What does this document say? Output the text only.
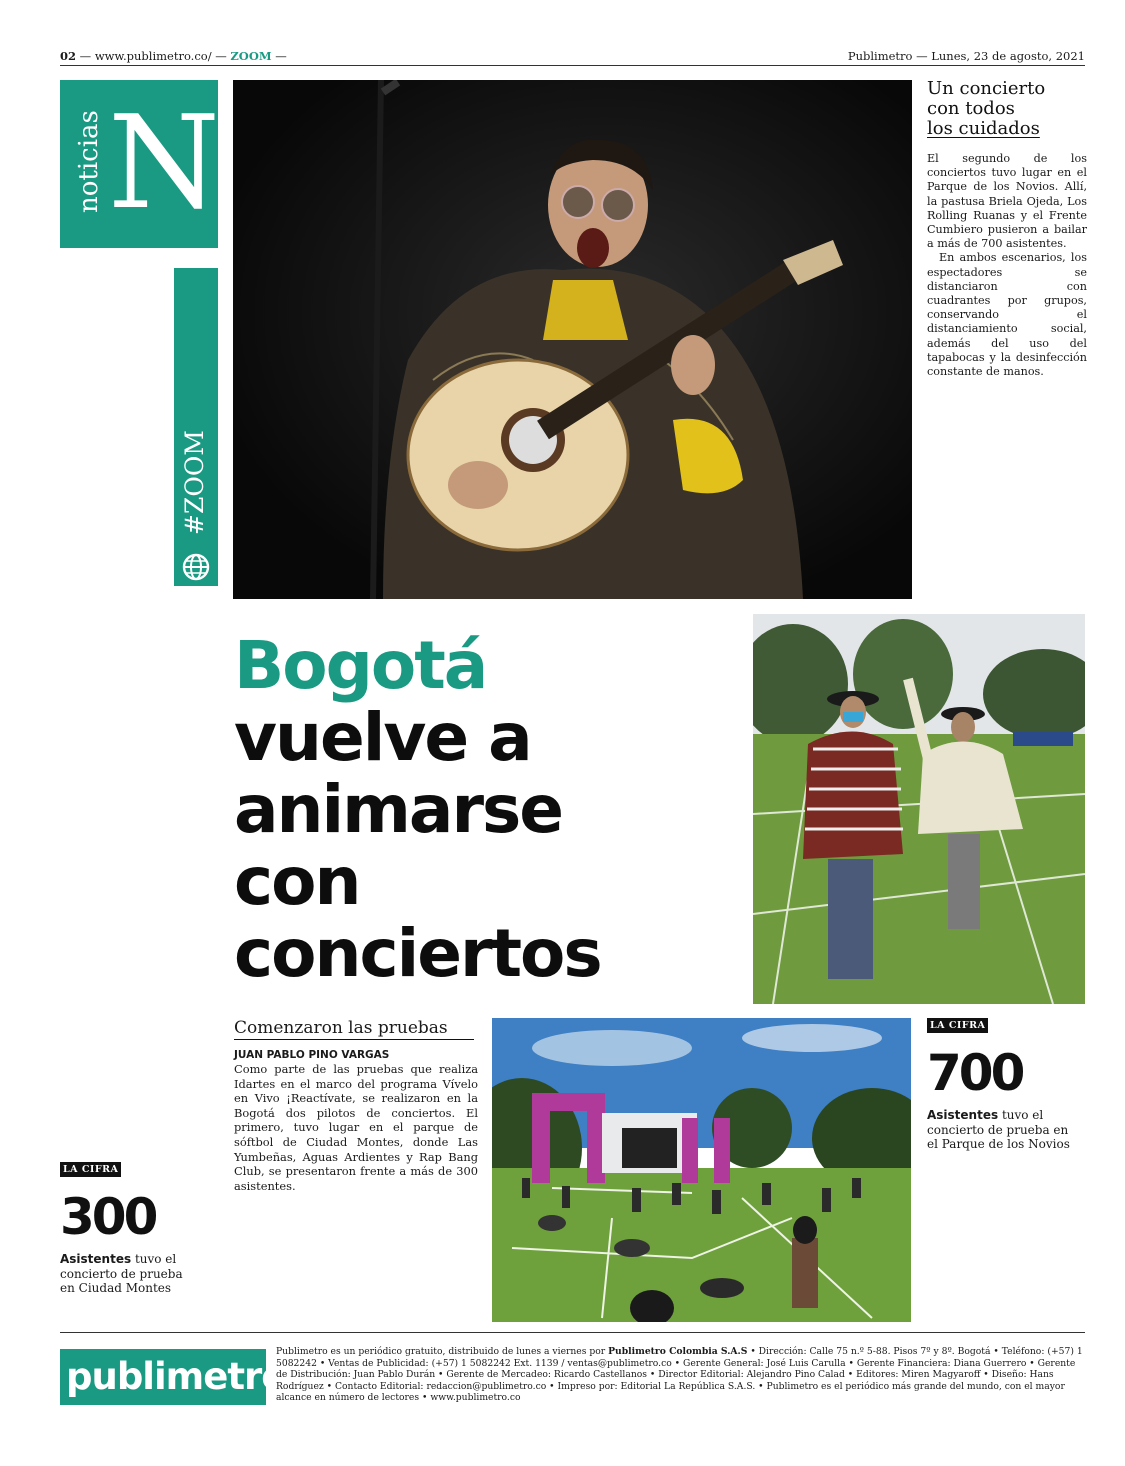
02 — www.publimetro.co/ — ZOOM —	Publimetro — Lunes, 23 de agosto, 2021
noticias N
#ZOOM
Un concierto
con todos
los cuidados

El segundo de los conciertos tuvo lugar en el Parque de los Novios. Allí, la pastusa Briela Ojeda, Los Rolling Ruanas y el Frente Cumbiero pusieron a bailar a más de 700 asistentes.

En ambos escenarios, los espectadores se distanciaron con cuadrantes por grupos, conservando el distanciamiento social, además del uso del tapabocas y la desinfección constante de manos.

Bogotá
vuelve a
animarse
con
conciertos
Comenzaron las pruebas
JUAN PABLO PINO VARGAS
Como parte de las pruebas que realiza Idartes en el marco del programa Vívelo en Vivo ¡Reactívate, se realizaron en la Bogotá dos pilotos de conciertos. El primero, tuvo lugar en el parque de sóftbol de Ciudad Montes, donde Las Yumbeñas, Aguas Ardientes y Rap Bang Club, se presentaron frente a más de 300 asistentes.
LA CIFRA
700
Asistentes tuvo el concierto de prueba en el Parque de los Novios
LA CIFRA
300
Asistentes tuvo el concierto de prueba en Ciudad Montes
publimetro
Publimetro es un periódico gratuito, distribuido de lunes a viernes por Publimetro Colombia S.A.S • Dirección: Calle 75 n.º 5-88. Pisos 7º y 8º. Bogotá • Teléfono: (+57) 1 5082242 • Ventas de Publicidad: (+57) 1 5082242 Ext. 1139 / ventas@publimetro.co • Gerente General: José Luis Carulla • Gerente Financiera: Diana Guerrero • Gerente de Distribución: Juan Pablo Durán • Gerente de Mercadeo: Ricardo Castellanos • Director Editorial: Alejandro Pino Calad • Editores: Miren Magyaroff • Diseño: Hans Rodríguez • Contacto Editorial: redaccion@publimetro.co • Impreso por: Editorial La República S.A.S. • Publimetro es el periódico más grande del mundo, con el mayor alcance en número de lectores • www.publimetro.co
